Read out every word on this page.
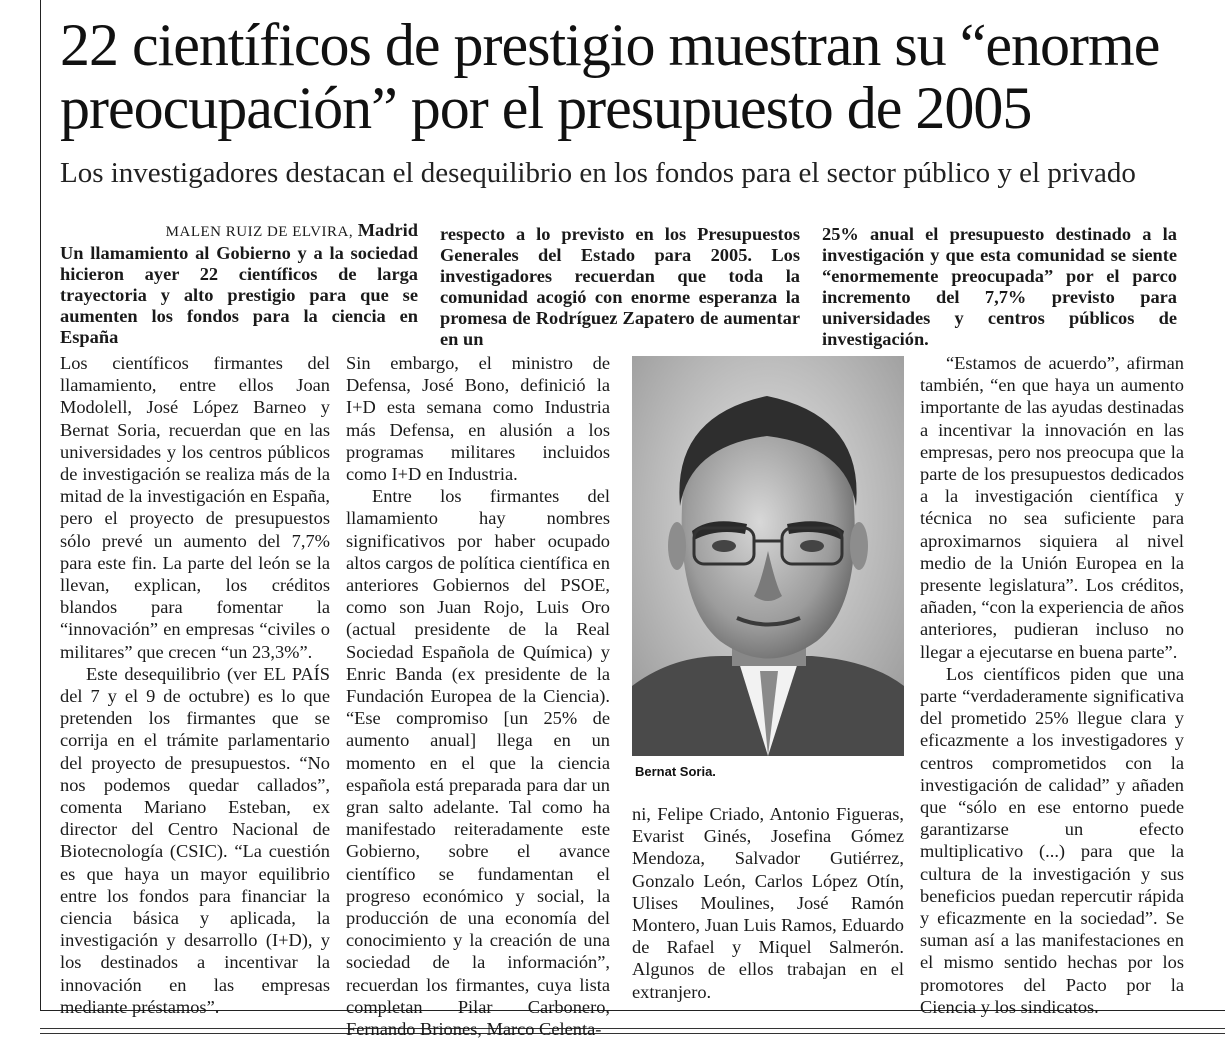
22 científicos de prestigio muestran su “enorme preocupación” por el presupuesto de 2005
Los investigadores destacan el desequilibrio en los fondos para el sector público y el privado
MALEN RUIZ DE ELVIRA, Madrid
Un llamamiento al Gobierno y a la sociedad hicieron ayer 22 científicos de larga trayectoria y alto prestigio para que se aumenten los fondos para la ciencia en España
respecto a lo previsto en los Presupuestos Generales del Estado para 2005. Los investigadores recuerdan que toda la comunidad acogió con enorme esperanza la promesa de Rodríguez Zapatero de aumentar en un
25% anual el presupuesto destinado a la investigación y que esta comunidad se siente “enormemente preocupada” por el parco incremento del 7,7% previsto para universidades y centros públicos de investigación.

Los científicos firmantes del llamamiento, entre ellos Joan Modolell, José López Barneo y Bernat Soria, recuerdan que en las universidades y los centros públicos de investigación se realiza más de la mitad de la investigación en España, pero el proyecto de presupuestos sólo prevé un aumento del 7,7% para este fin. La parte del león se la llevan, explican, los créditos blandos para fomentar la “innovación” en empresas “civiles o militares” que crecen “un 23,3%”.

Este desequilibrio (ver EL PAÍS del 7 y el 9 de octubre) es lo que pretenden los firmantes que se corrija en el trámite parlamentario del proyecto de presupuestos. “No nos podemos quedar callados”, comenta Mariano Esteban, ex director del Centro Nacional de Biotecnología (CSIC). “La cuestión es que haya un mayor equilibrio entre los fondos para financiar la ciencia básica y aplicada, la investigación y desarrollo (I+D), y los destinados a incentivar la innovación en las empresas mediante préstamos”.

Sin embargo, el ministro de Defensa, José Bono, definició la I+D esta semana como Industria más Defensa, en alusión a los programas militares incluidos como I+D en Industria.

Entre los firmantes del llamamiento hay nombres significativos por haber ocupado altos cargos de política científica en anteriores Gobiernos del PSOE, como son Juan Rojo, Luis Oro (actual presidente de la Real Sociedad Española de Química) y Enric Banda (ex presidente de la Fundación Europea de la Ciencia). “Ese compromiso [un 25% de aumento anual] llega en un momento en el que la ciencia española está preparada para dar un gran salto adelante. Tal como ha manifestado reiteradamente este Gobierno, sobre el avance científico se fundamentan el progreso económico y social, la producción de una economía del conocimiento y la creación de una sociedad de la información”, recuerdan los firmantes, cuya lista completan Pilar Carbonero, Fernando Briones, Marco Celenta-

Bernat Soria.

ni, Felipe Criado, Antonio Figueras, Evarist Ginés, Josefina Gómez Mendoza, Salvador Gutiérrez, Gonzalo León, Carlos López Otín, Ulises Moulines, José Ramón Montero, Juan Luis Ramos, Eduardo de Rafael y Miquel Salmerón. Algunos de ellos trabajan en el extranjero.

“Estamos de acuerdo”, afirman también, “en que haya un aumento importante de las ayudas destinadas a incentivar la innovación en las empresas, pero nos preocupa que la parte de los presupuestos dedicados a la investigación científica y técnica no sea suficiente para aproximarnos siquiera al nivel medio de la Unión Europea en la presente legislatura”. Los créditos, añaden, “con la experiencia de años anteriores, pudieran incluso no llegar a ejecutarse en buena parte”.

Los científicos piden que una parte “verdaderamente significativa del prometido 25% llegue clara y eficazmente a los investigadores y centros comprometidos con la investigación de calidad” y añaden que “sólo en ese entorno puede garantizarse un efecto multiplicativo (...) para que la cultura de la investigación y sus beneficios puedan repercutir rápida y eficazmente en la sociedad”. Se suman así a las manifestaciones en el mismo sentido hechas por los promotores del Pacto por la Ciencia y los sindicatos.
